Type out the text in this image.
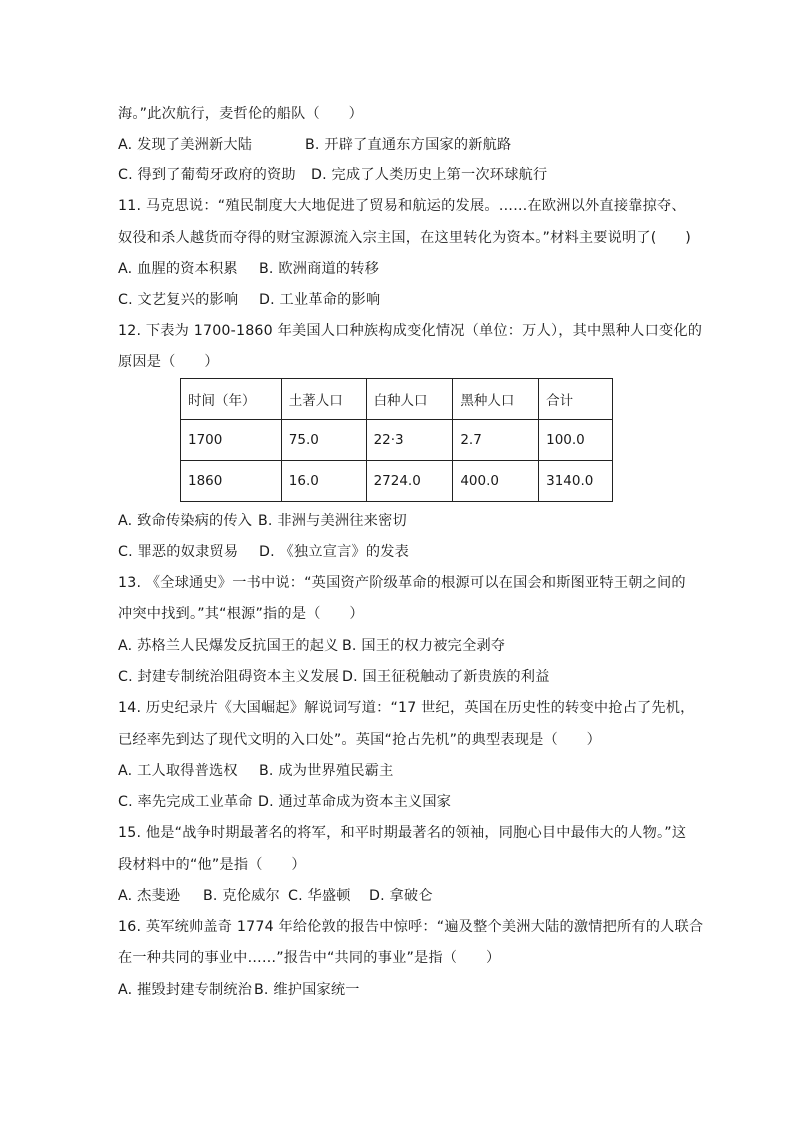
海。”此次航行，麦哲伦的船队（　　）
A. 发现了美洲新大陆	B. 开辟了直通东方国家的新航路
C. 得到了葡萄牙政府的资助 D. 完成了人类历史上第一次环球航行
11. 马克思说：“殖民制度大大地促进了贸易和航运的发展。……在欧洲以外直接靠掠夺、
奴役和杀人越货而夺得的财宝源源流入宗主国，在这里转化为资本。”材料主要说明了(　　)
A. 血腥的资本积累 B. 欧洲商道的转移
C. 文艺复兴的影响 D. 工业革命的影响
12. 下表为 1700-1860 年美国人口种族构成变化情况（单位：万人），其中黑种人口变化的
原因是（　　）
时间（年）	土著人口	白种人口	黑种人口	合计
1700	75.0	22·3	2.7	100.0
1860	16.0	2724.0	400.0	3140.0
A. 致命传染病的传入 B. 非洲与美洲往来密切
C. 罪恶的奴隶贸易 D. 《独立宣言》的发表
13. 《全球通史》一书中说：“英国资产阶级革命的根源可以在国会和斯图亚特王朝之间的
冲突中找到。”其“根源”指的是（　　）
A. 苏格兰人民爆发反抗国王的起义 B. 国王的权力被完全剥夺
C. 封建专制统治阻碍资本主义发展 D. 国王征税触动了新贵族的利益
14. 历史纪录片《大国崛起》解说词写道：“17 世纪，英国在历史性的转变中抢占了先机，
已经率先到达了现代文明的入口处”。英国“抢占先机”的典型表现是（　　）
A. 工人取得普选权 B. 成为世界殖民霸主
C. 率先完成工业革命 D. 通过革命成为资本主义国家
15. 他是“战争时期最著名的将军，和平时期最著名的领袖，同胞心目中最伟大的人物。”这
段材料中的“他”是指（　　）
A. 杰斐逊 B. 克伦威尔 C. 华盛顿 D. 拿破仑
16. 英军统帅盖奇 1774 年给伦敦的报告中惊呼：“遍及整个美洲大陆的激情把所有的人联合
在一种共同的事业中……”报告中“共同的事业”是指（　　）
A. 摧毁封建专制统治 B. 维护国家统一
